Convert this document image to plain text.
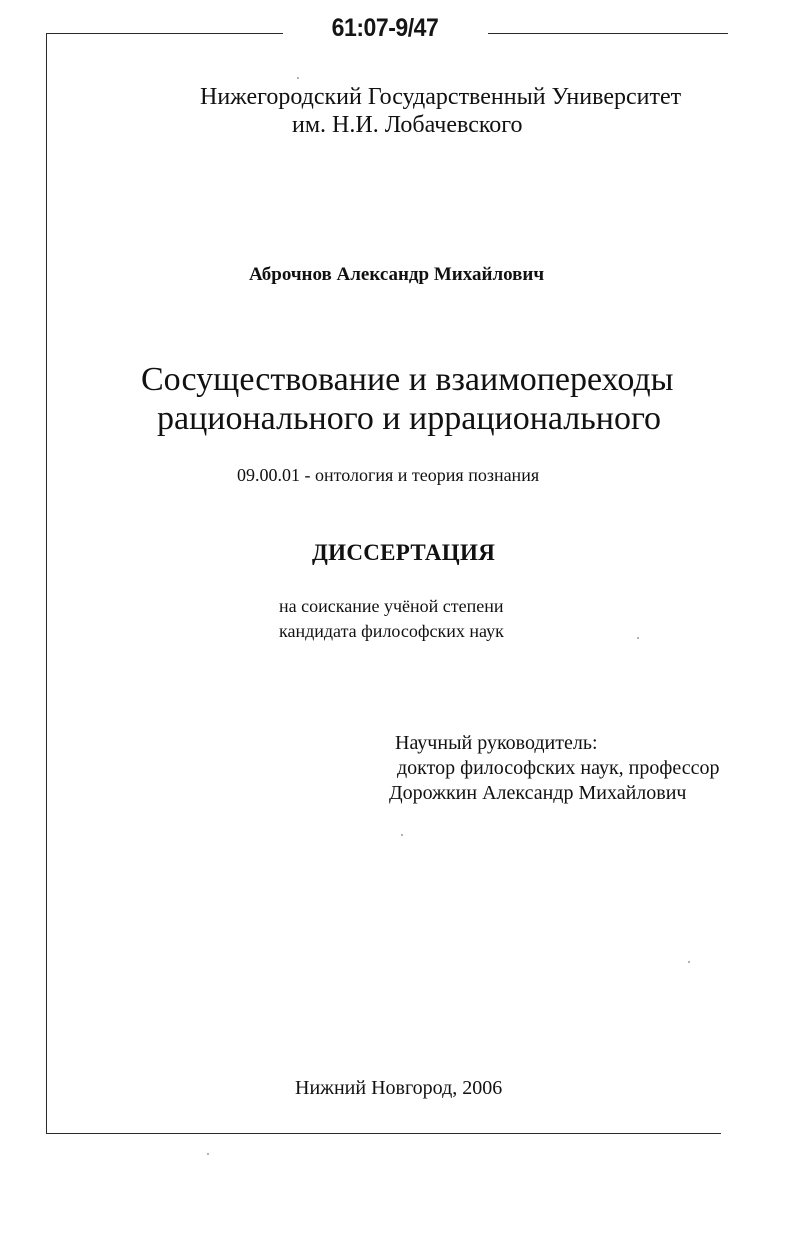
61:07-9/47
Нижегородский Государственный Университет
им. Н.И. Лобачевского
Аброчнов Александр Михайлович
Сосуществование и взаимопереходы
рационального и иррационального
09.00.01 - онтология и теория познания
ДИССЕРТАЦИЯ
на соискание учёной степени
кандидата философских наук
Научный руководитель:
доктор философских наук, профессор
Дорожкин Александр Михайлович
Нижний Новгород, 2006
